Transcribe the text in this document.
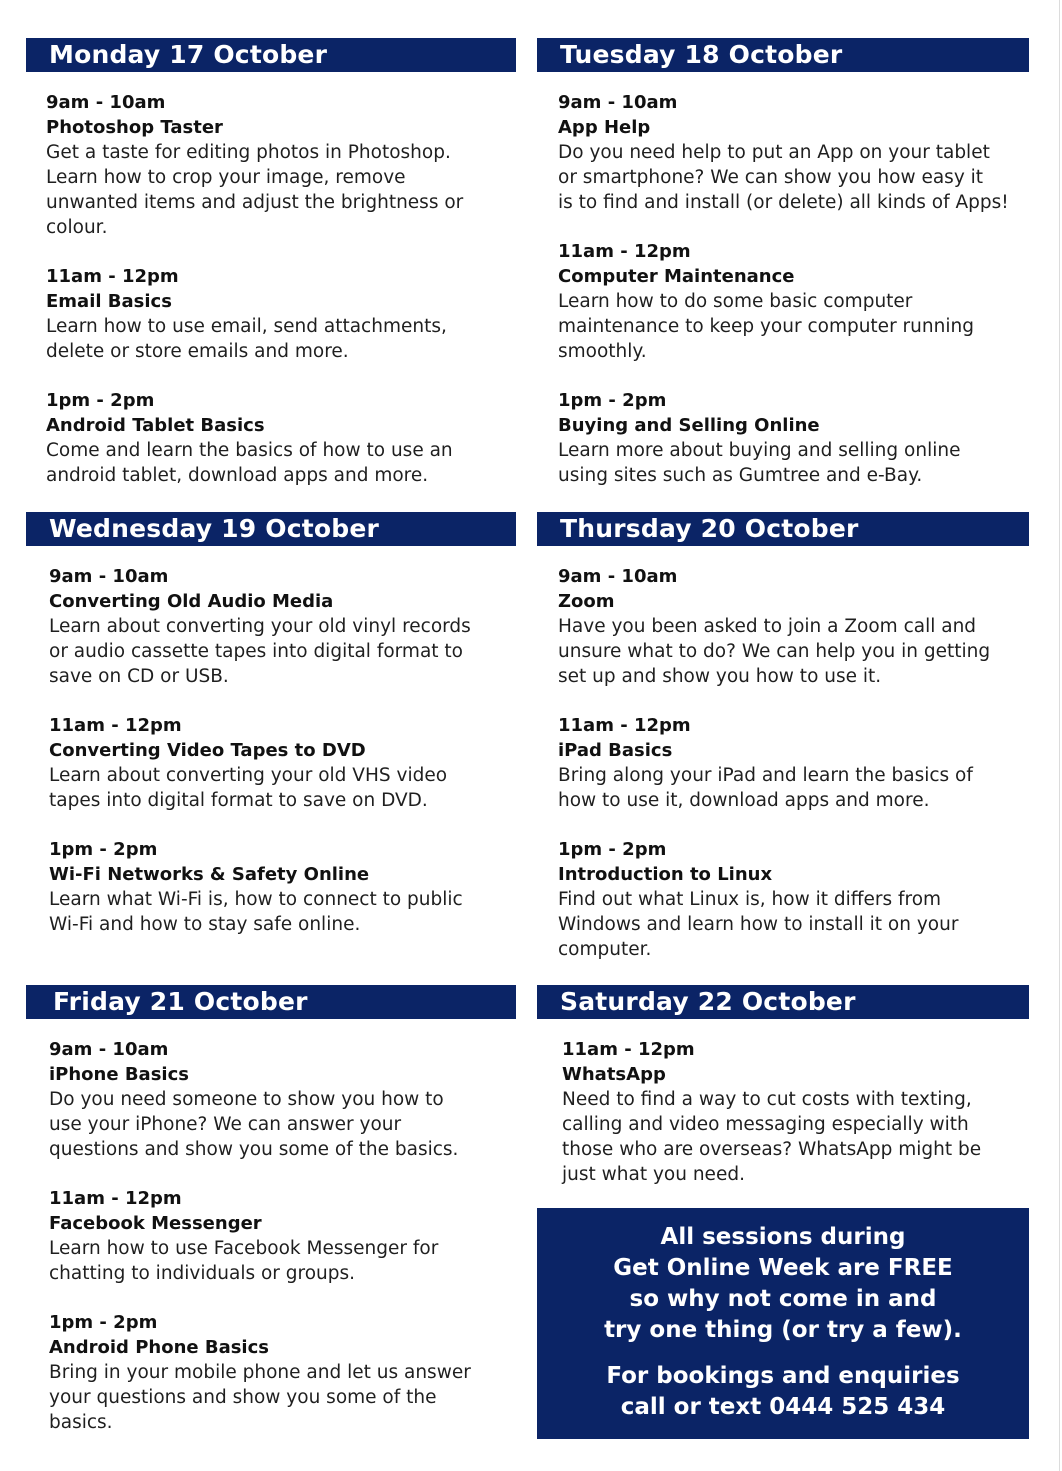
Monday 17 October
9am - 10am
Photoshop Taster
Get a taste for editing photos in Photoshop.
Learn how to crop your image, remove
unwanted items and adjust the brightness or
colour.
11am - 12pm
Email Basics
Learn how to use email, send attachments,
delete or store emails and more.
1pm - 2pm
Android Tablet Basics
Come and learn the basics of how to use an
android tablet, download apps and more.
Tuesday 18 October
9am - 10am
App Help
Do you need help to put an App on your tablet
or smartphone? We can show you how easy it
is to find and install (or delete) all kinds of Apps!
11am - 12pm
Computer Maintenance
Learn how to do some basic computer
maintenance to keep your computer running
smoothly.
1pm - 2pm
Buying and Selling Online
Learn more about buying and selling online
using sites such as Gumtree and e-Bay.
Wednesday 19 October
9am - 10am
Converting Old Audio Media
Learn about converting your old vinyl records
or audio cassette tapes into digital format to
save on CD or USB.
11am - 12pm
Converting Video Tapes to DVD
Learn about converting your old VHS video
tapes into digital format to save on DVD.
1pm - 2pm
Wi-Fi Networks & Safety Online
Learn what Wi-Fi is, how to connect to public
Wi-Fi and how to stay safe online.
Thursday 20 October
9am - 10am
Zoom
Have you been asked to join a Zoom call and
unsure what to do? We can help you in getting
set up and show you how to use it.
11am - 12pm
iPad Basics
Bring along your iPad and learn the basics of
how to use it, download apps and more.
1pm - 2pm
Introduction to Linux
Find out what Linux is, how it differs from
Windows and learn how to install it on your
computer.
Friday 21 October
9am - 10am
iPhone Basics
Do you need someone to show you how to
use your iPhone? We can answer your
questions and show you some of the basics.
11am - 12pm
Facebook Messenger
Learn how to use Facebook Messenger for
chatting to individuals or groups.
1pm - 2pm
Android Phone Basics
Bring in your mobile phone and let us answer
your questions and show you some of the
basics.
Saturday 22 October
11am - 12pm
WhatsApp
Need to find a way to cut costs with texting,
calling and video messaging especially with
those who are overseas? WhatsApp might be
just what you need.
All sessions during
Get Online Week are FREE
so why not come in and
try one thing (or try a few).
For bookings and enquiries
call or text 0444 525 434
